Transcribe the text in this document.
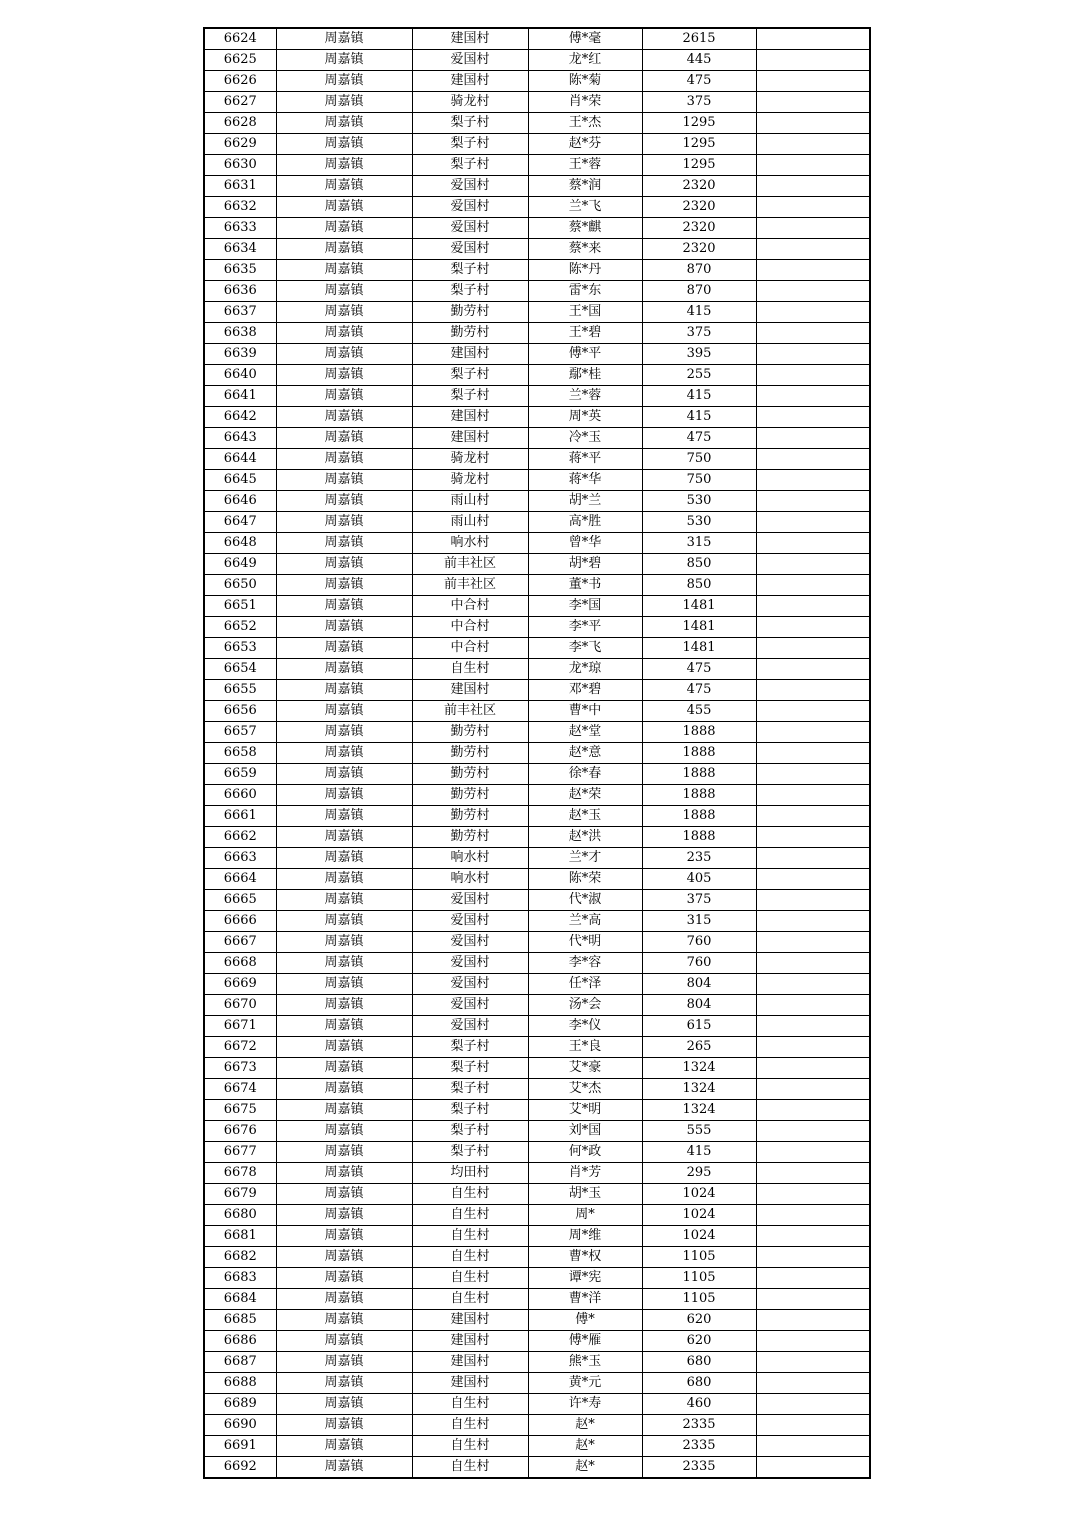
6624	周嘉镇	建国村	傅*毫	2615	
6625	周嘉镇	爱国村	龙*红	445	
6626	周嘉镇	建国村	陈*菊	475	
6627	周嘉镇	骑龙村	肖*荣	375	
6628	周嘉镇	梨子村	王*杰	1295	
6629	周嘉镇	梨子村	赵*芬	1295	
6630	周嘉镇	梨子村	王*蓉	1295	
6631	周嘉镇	爱国村	蔡*润	2320	
6632	周嘉镇	爱国村	兰*飞	2320	
6633	周嘉镇	爱国村	蔡*麒	2320	
6634	周嘉镇	爱国村	蔡*来	2320	
6635	周嘉镇	梨子村	陈*丹	870	
6636	周嘉镇	梨子村	雷*东	870	
6637	周嘉镇	勤劳村	王*国	415	
6638	周嘉镇	勤劳村	王*碧	375	
6639	周嘉镇	建国村	傅*平	395	
6640	周嘉镇	梨子村	鄢*桂	255	
6641	周嘉镇	梨子村	兰*蓉	415	
6642	周嘉镇	建国村	周*英	415	
6643	周嘉镇	建国村	冷*玉	475	
6644	周嘉镇	骑龙村	蒋*平	750	
6645	周嘉镇	骑龙村	蒋*华	750	
6646	周嘉镇	雨山村	胡*兰	530	
6647	周嘉镇	雨山村	高*胜	530	
6648	周嘉镇	响水村	曾*华	315	
6649	周嘉镇	前丰社区	胡*碧	850	
6650	周嘉镇	前丰社区	董*书	850	
6651	周嘉镇	中合村	李*国	1481	
6652	周嘉镇	中合村	李*平	1481	
6653	周嘉镇	中合村	李*飞	1481	
6654	周嘉镇	自生村	龙*琼	475	
6655	周嘉镇	建国村	邓*碧	475	
6656	周嘉镇	前丰社区	曹*中	455	
6657	周嘉镇	勤劳村	赵*堂	1888	
6658	周嘉镇	勤劳村	赵*意	1888	
6659	周嘉镇	勤劳村	徐*春	1888	
6660	周嘉镇	勤劳村	赵*荣	1888	
6661	周嘉镇	勤劳村	赵*玉	1888	
6662	周嘉镇	勤劳村	赵*洪	1888	
6663	周嘉镇	响水村	兰*才	235	
6664	周嘉镇	响水村	陈*荣	405	
6665	周嘉镇	爱国村	代*淑	375	
6666	周嘉镇	爱国村	兰*高	315	
6667	周嘉镇	爱国村	代*明	760	
6668	周嘉镇	爱国村	李*容	760	
6669	周嘉镇	爱国村	任*泽	804	
6670	周嘉镇	爱国村	汤*会	804	
6671	周嘉镇	爱国村	李*仪	615	
6672	周嘉镇	梨子村	王*良	265	
6673	周嘉镇	梨子村	艾*豪	1324	
6674	周嘉镇	梨子村	艾*杰	1324	
6675	周嘉镇	梨子村	艾*明	1324	
6676	周嘉镇	梨子村	刘*国	555	
6677	周嘉镇	梨子村	何*政	415	
6678	周嘉镇	均田村	肖*芳	295	
6679	周嘉镇	自生村	胡*玉	1024	
6680	周嘉镇	自生村	周*	1024	
6681	周嘉镇	自生村	周*维	1024	
6682	周嘉镇	自生村	曹*权	1105	
6683	周嘉镇	自生村	谭*宪	1105	
6684	周嘉镇	自生村	曹*洋	1105	
6685	周嘉镇	建国村	傅*	620	
6686	周嘉镇	建国村	傅*雁	620	
6687	周嘉镇	建国村	熊*玉	680	
6688	周嘉镇	建国村	黄*元	680	
6689	周嘉镇	自生村	许*寿	460	
6690	周嘉镇	自生村	赵*	2335	
6691	周嘉镇	自生村	赵*	2335	
6692	周嘉镇	自生村	赵*	2335	
